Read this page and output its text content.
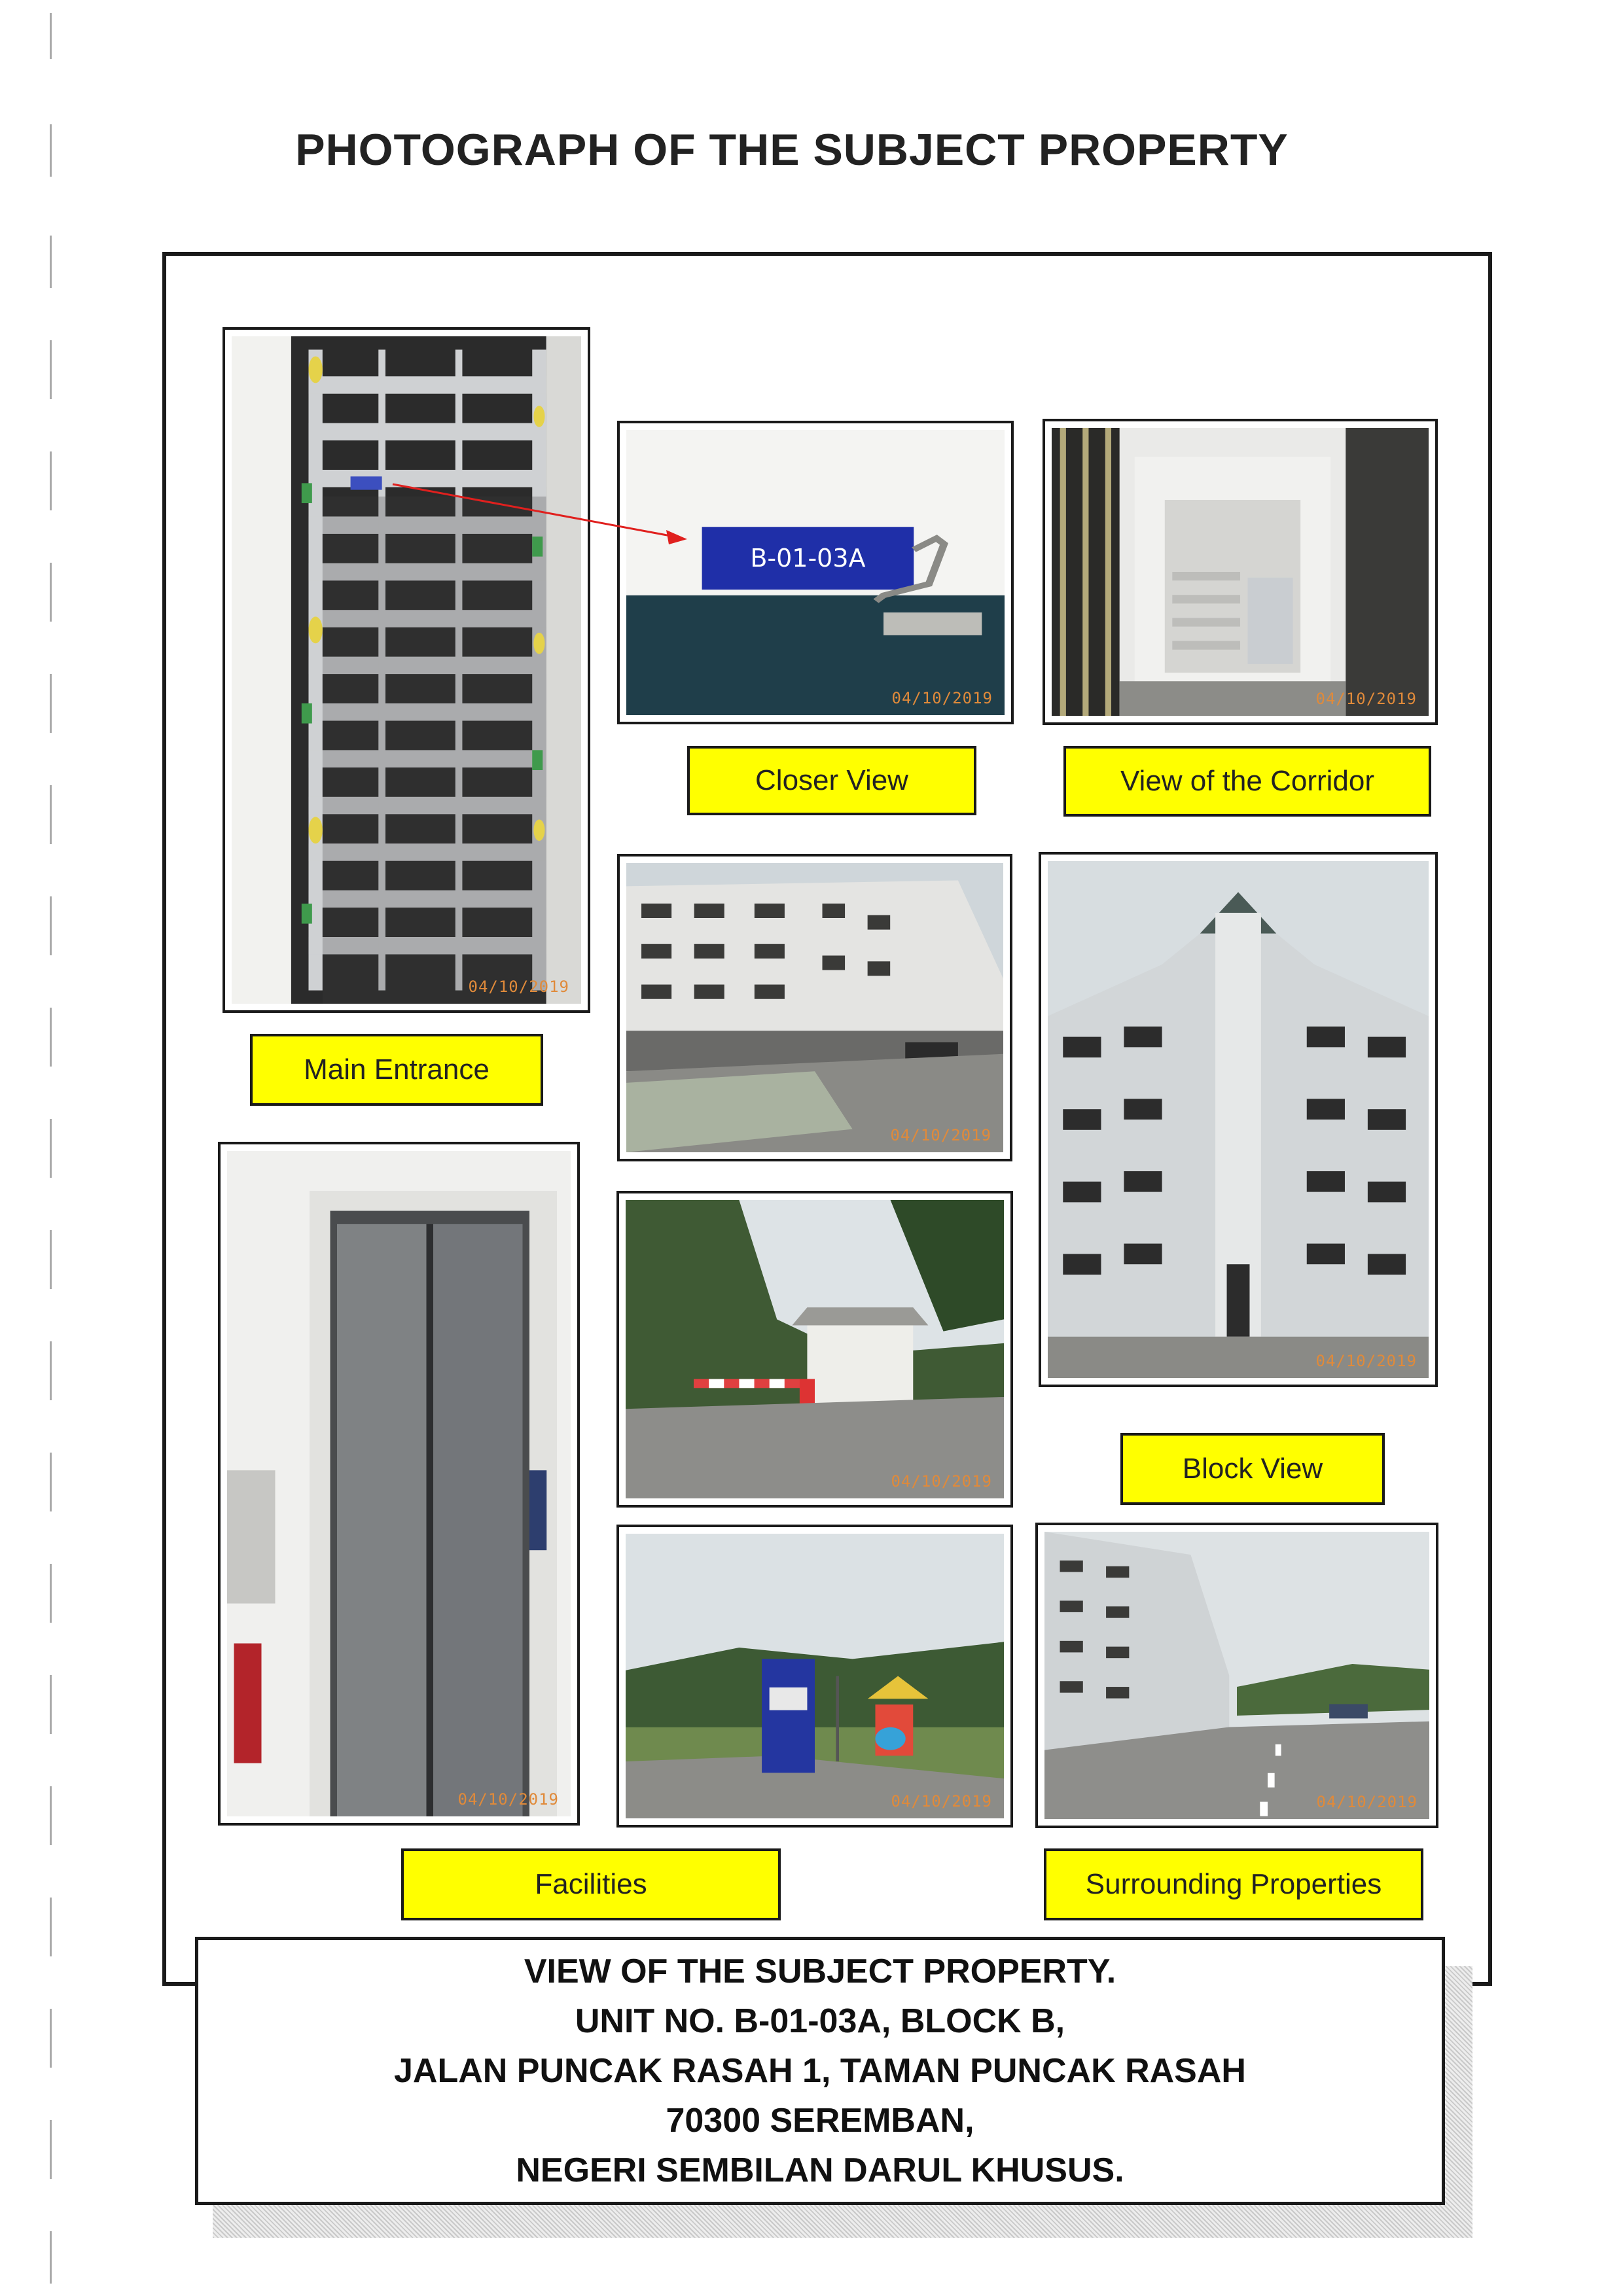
PHOTOGRAPH OF THE SUBJECT PROPERTY
04/10/2019
Main Entrance
B-01-03A
04/10/2019
Closer View
04/10/2019
View of the Corridor
04/10/2019
04/10/2019
Block View
04/10/2019
04/10/2019	04/10/2019
Facilities
04/10/2019
Surrounding Properties
VIEW OF THE SUBJECT PROPERTY.
UNIT NO. B-01-03A, BLOCK B,
JALAN PUNCAK RASAH 1, TAMAN PUNCAK RASAH
70300 SEREMBAN,
NEGERI SEMBILAN DARUL KHUSUS.
